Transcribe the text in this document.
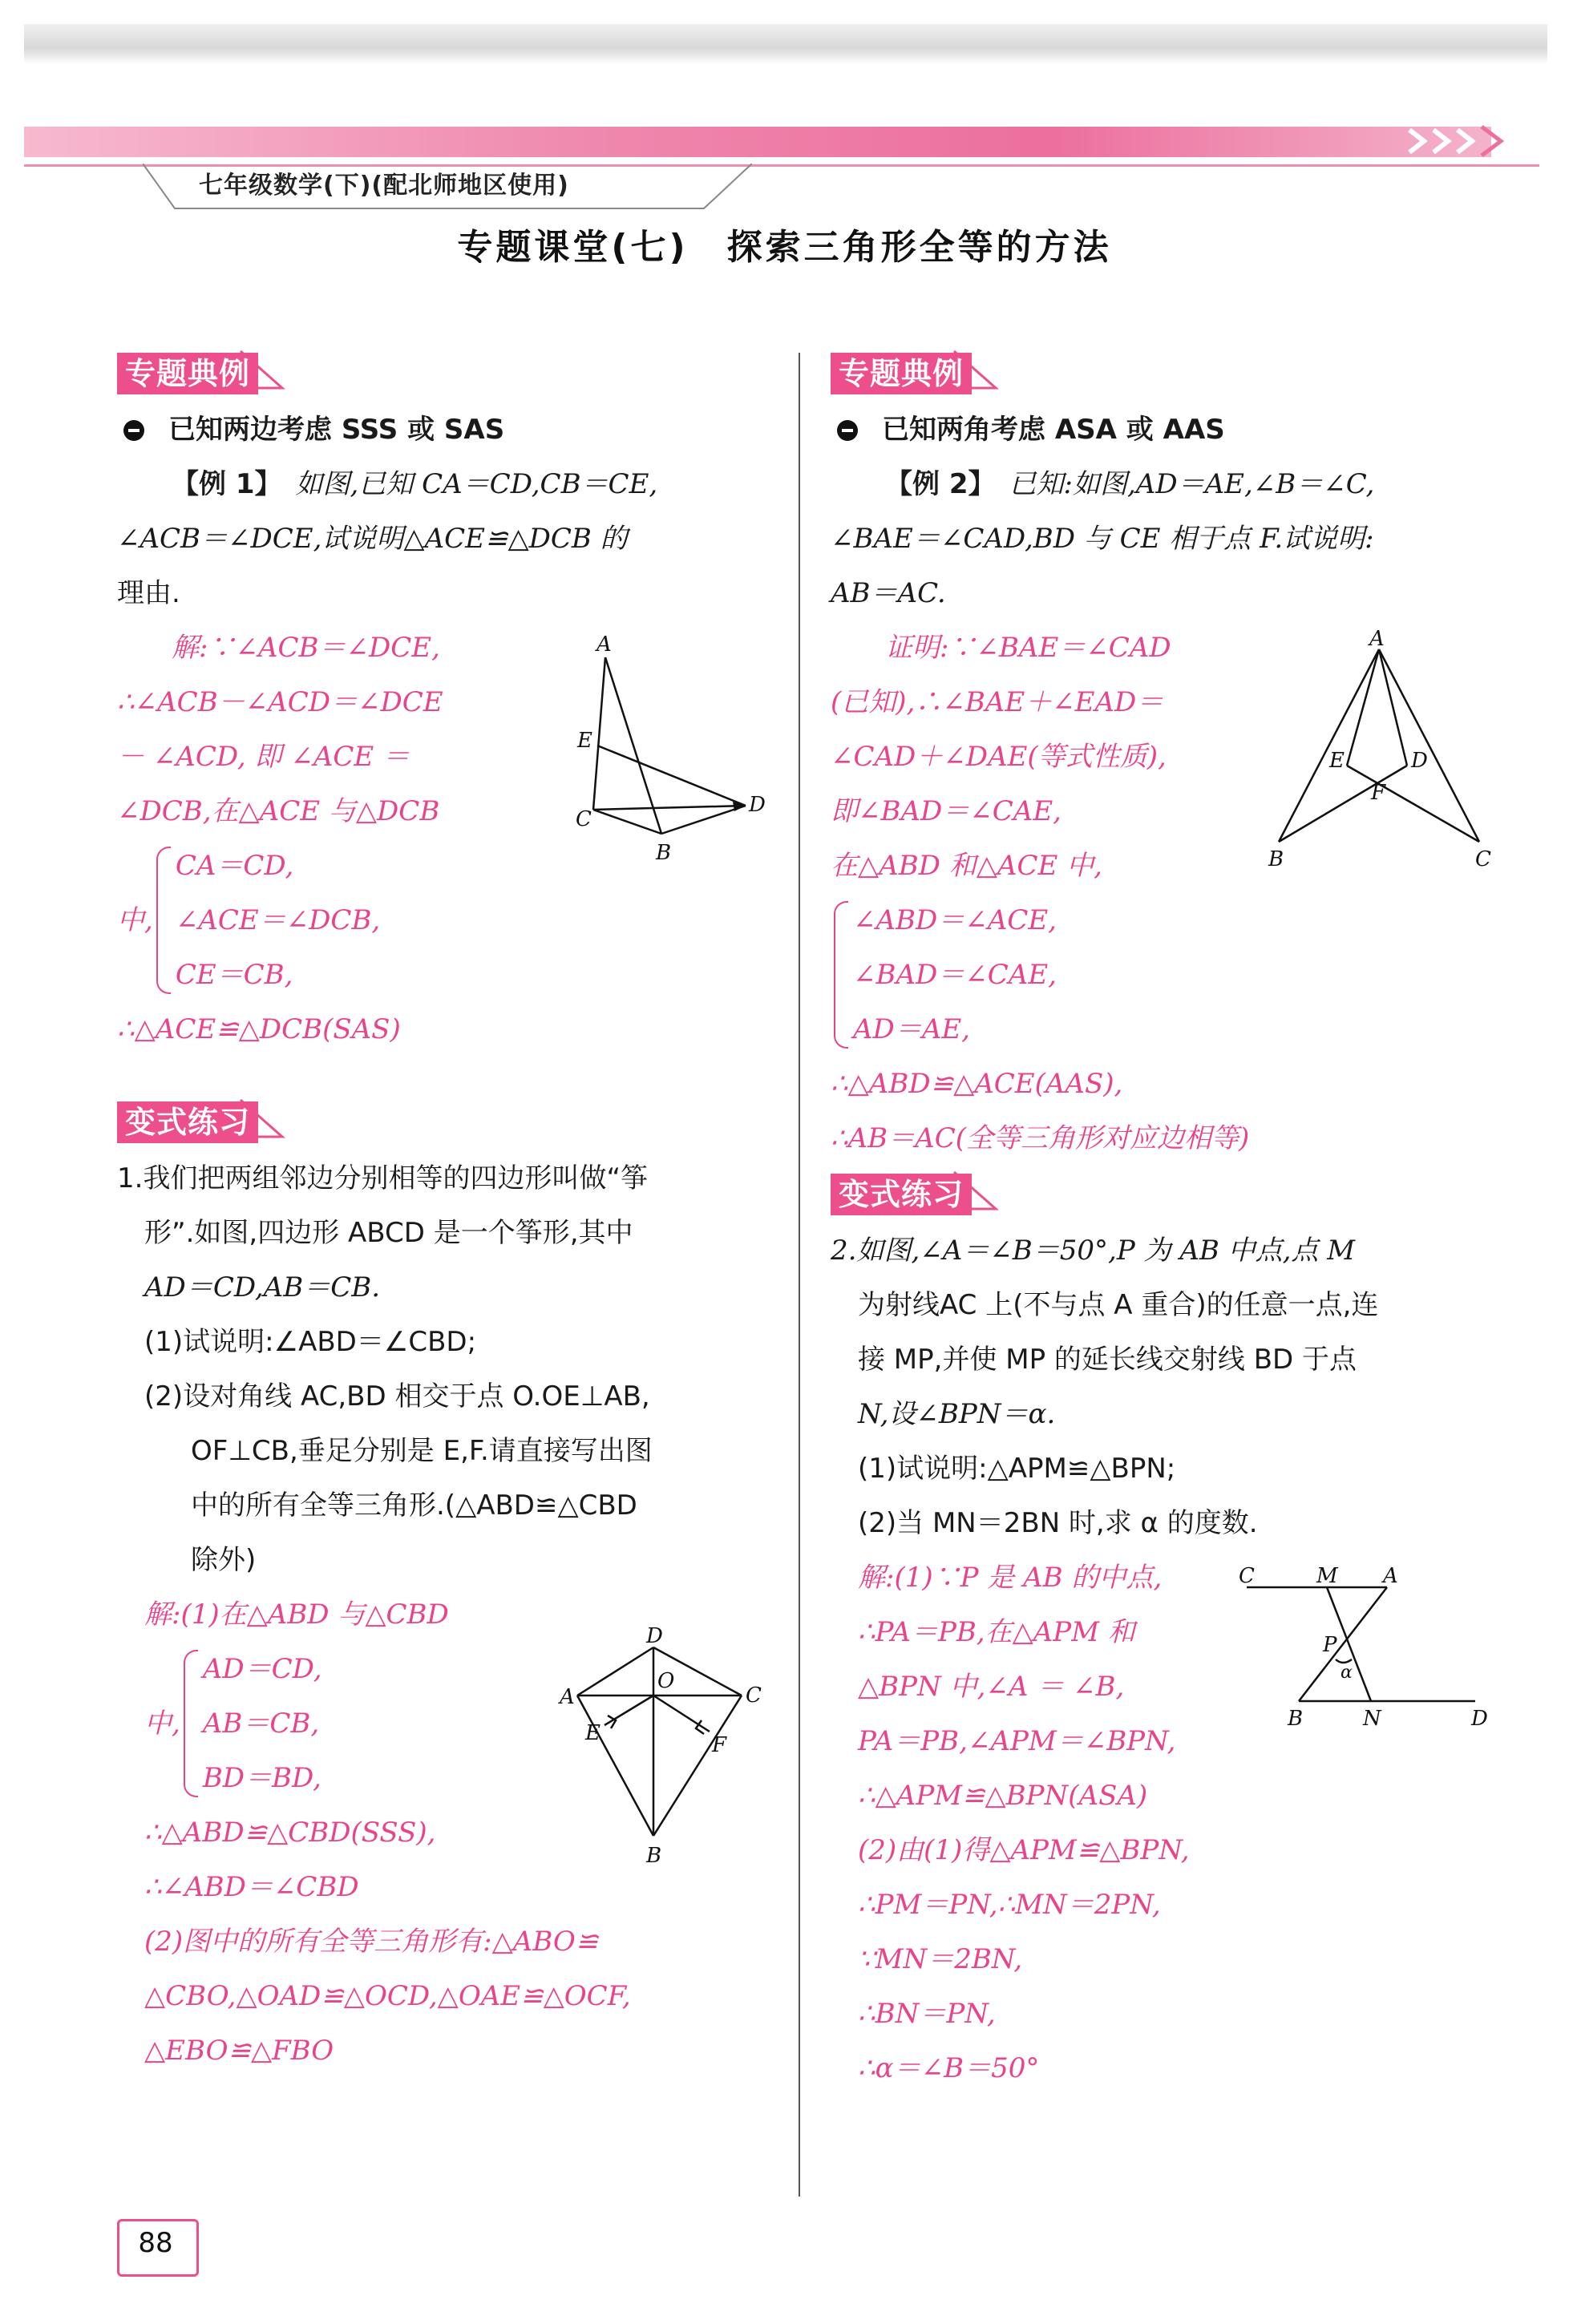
七年级数学(下)(配北师地区使用)
专题课堂(七)　探索三角形全等的方法
专题典例

已知两边考虑 SSS 或 SAS

【例 1】　 如图,已知 CA＝CD,CB＝CE,

∠ACB＝∠DCE,试说明△ACE≌△DCB 的

理由.

解:∵∠ACB＝∠DCE,

∴∠ACB－∠ACD＝∠DCE

－ ∠ACD, 即 ∠ACE ＝

∠DCB,在△ACE 与△DCB

中,

CA＝CD,

∠ACE＝∠DCB,

CE＝CB,

∴△ACE≌△DCB(SAS)

变式练习

1.我们把两组邻边分别相等的四边形叫做“筝

形”.如图,四边形 ABCD 是一个筝形,其中

AD＝CD,AB＝CB.

(1)试说明:∠ABD＝∠CBD;

(2)设对角线 AC,BD 相交于点 O.OE⊥AB,

OF⊥CB,垂足分别是 E,F.请直接写出图

中的所有全等三角形.(△ABD≌△CBD

除外)

解:(1)在△ABD 与△CBD

中,

AD＝CD,

AB＝CB,

BD＝BD,

∴△ABD≌△CBD(SSS),

∴∠ABD＝∠CBD

(2)图中的所有全等三角形有:△ABO≌

△CBO,△OAD≌△OCD,△OAE≌△OCF,

△EBO≌△FBO

专题典例

已知两角考虑 ASA 或 AAS

【例 2】　 已知:如图,AD＝AE,∠B＝∠C,

∠BAE＝∠CAD,BD 与 CE 相于点 F.试说明:

AB＝AC.

证明:∵∠BAE＝∠CAD

(已知),∴∠BAE＋∠EAD＝

∠CAD＋∠DAE(等式性质),

即∠BAD＝∠CAE,

在△ABD 和△ACE 中,

∠ABD＝∠ACE,

∠BAD＝∠CAE,

AD＝AE,

∴△ABD≌△ACE(AAS),

∴AB＝AC(全等三角形对应边相等)

变式练习

2.如图,∠A＝∠B＝50°,P 为 AB 中点,点 M

为射线AC 上(不与点 A 重合)的任意一点,连

接 MP,并使 MP 的延长线交射线 BD 于点

N,设∠BPN＝α.

(1)试说明:△APM≌△BPN;

(2)当 MN＝2BN 时,求 α 的度数.

解:(1)∵P 是 AB 的中点,

∴PA＝PB,在△APM 和

△BPN 中,∠A ＝ ∠B,

PA＝PB,∠APM＝∠BPN,

∴△APM≌△BPN(ASA)

(2)由(1)得△APM≌△BPN,

∴PM＝PN,∴MN＝2PN,

∵MN＝2BN,

∴BN＝PN,

∴α＝∠B＝50°

A
E
C
D
B
A
E	D
F
B	C
D
O
A	C
E	F
B
C	M A
P
α
B	N	D
88
